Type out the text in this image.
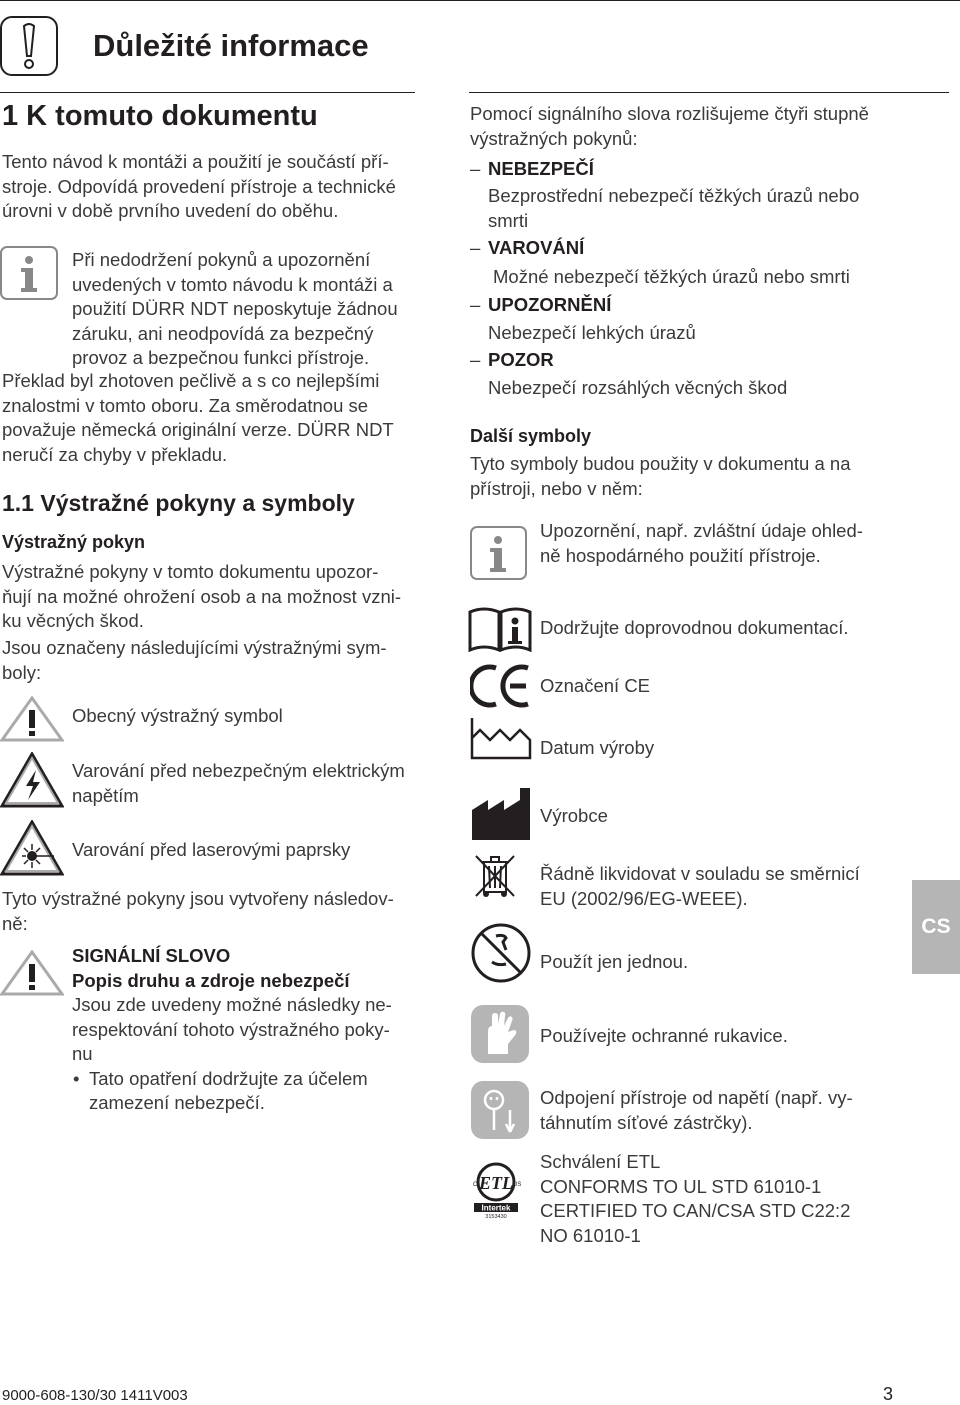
Důležité informace
1 K tomuto dokumentu
Tento návod k montáži a použití je součástí pří-
stroje. Odpovídá provedení přístroje a technické
úrovni v době prvního uvedení do oběhu.
Při nedodržení pokynů a upozornění
uvedených v tomto návodu k montáži a
použití DÜRR NDT neposkytuje žádnou
záruku, ani neodpovídá za bezpečný
provoz a bezpečnou funkci přístroje.
Překlad byl zhotoven pečlivě a s co nejlepšími
znalostmi v tomto oboru. Za směrodatnou se
považuje německá originální verze. DÜRR NDT
neručí za chyby v překladu.
1.1 Výstražné pokyny a symboly
Výstražný pokyn
Výstražné pokyny v tomto dokumentu upozor-
ňují na možné ohrožení osob a na možnost vzni-
ku věcných škod.
Jsou označeny následujícími výstražnými sym-
boly:
Obecný výstražný symbol
Varování před nebezpečným elektrickým
napětím
Varování před laserovými paprsky
Tyto výstražné pokyny jsou vytvořeny následov-
ně:
SIGNÁLNÍ SLOVO
Popis druhu a zdroje nebezpečí
Jsou zde uvedeny možné následky ne-
respektování tohoto výstražného poky-
nu
• Tato opatření dodržujte za účelem
zamezení nebezpečí.
Pomocí signálního slova rozlišujeme čtyři stupně
výstražných pokynů:
– NEBEZPEČÍ
Bezprostřední nebezpečí těžkých úrazů nebo
smrti
– VAROVÁNÍ
Možné nebezpečí těžkých úrazů nebo smrti
– UPOZORNĚNÍ
Nebezpečí lehkých úrazů
– POZOR
Nebezpečí rozsáhlých věcných škod
Další symboly
Tyto symboly budou použity v dokumentu a na
přístroji, nebo v něm:
Upozornění, např. zvláštní údaje ohled-
ně hospodárného použití přístroje.
Dodržujte doprovodnou dokumentací.
Označení CE
Datum výroby
Výrobce
Řádně likvidovat v souladu se směrnicí
EU (2002/96/EG-WEEE).
Použít jen jednou.
Používejte ochranné rukavice.
Odpojení přístroje od napětí (např. vy-
táhnutím síťové zástrčky).
ETL
C	US
Intertek
3153430
Schválení ETL
CONFORMS TO UL STD 61010-1
CERTIFIED TO CAN/CSA STD C22:2
NO 61010-1
CS
9000-608-130/30 1411V003	3
